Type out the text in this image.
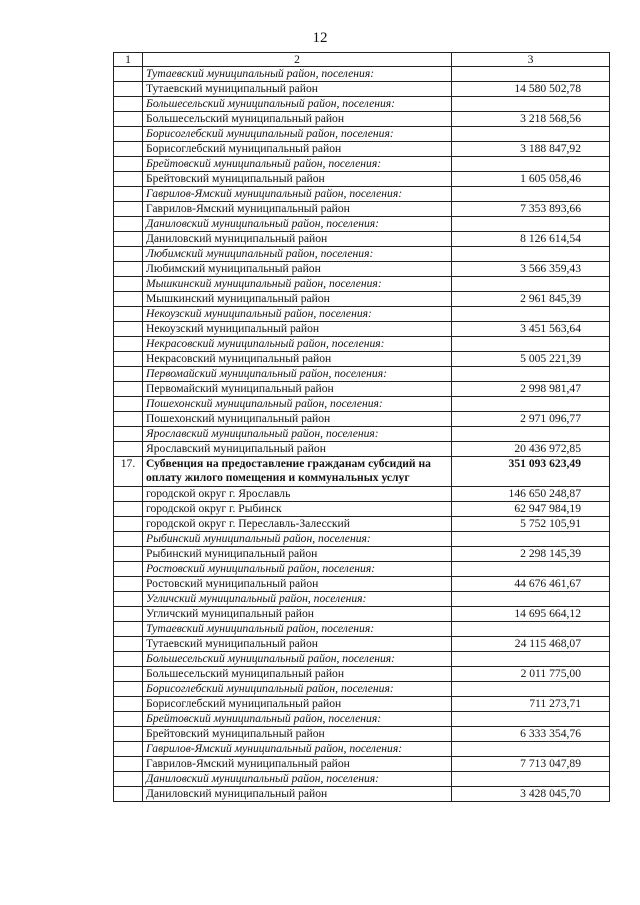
12
1	2	3
	Тутаевский муниципальный район, поселения:	
	Тутаевский муниципальный район	14 580 502,78
	Большесельский муниципальный район, поселения:	
	Большесельский муниципальный район	3 218 568,56
	Борисоглебский муниципальный район, поселения:	
	Борисоглебский муниципальный район	3 188 847,92
	Брейтовский муниципальный район, поселения:	
	Брейтовский муниципальный район	1 605 058,46
	Гаврилов-Ямский муниципальный район, поселения:	
	Гаврилов-Ямский муниципальный район	7 353 893,66
	Даниловский муниципальный район, поселения:	
	Даниловский муниципальный район	8 126 614,54
	Любимский муниципальный район, поселения:	
	Любимский муниципальный район	3 566 359,43
	Мышкинский муниципальный район, поселения:	
	Мышкинский муниципальный район	2 961 845,39
	Некоузский муниципальный район, поселения:	
	Некоузский муниципальный район	3 451 563,64
	Некрасовский муниципальный район, поселения:	
	Некрасовский муниципальный район	5 005 221,39
	Первомайский муниципальный район, поселения:	
	Первомайский муниципальный район	2 998 981,47
	Пошехонский муниципальный район, поселения:	
	Пошехонский муниципальный район	2 971 096,77
	Ярославский муниципальный район, поселения:	
	Ярославский муниципальный район	20 436 972,85
17.	Субвенция на предоставление гражданам субсидий на оплату жилого помещения и коммунальных услуг	351 093 623,49
	городской округ г. Ярославль	146 650 248,87
	городской округ г. Рыбинск	62 947 984,19
	городской округ г. Переславль-Залесский	5 752 105,91
	Рыбинский муниципальный район, поселения:	
	Рыбинский муниципальный район	2 298 145,39
	Ростовский муниципальный район, поселения:	
	Ростовский муниципальный район	44 676 461,67
	Угличский муниципальный район, поселения:	
	Угличский муниципальный район	14 695 664,12
	Тутаевский муниципальный район, поселения:	
	Тутаевский муниципальный район	24 115 468,07
	Большесельский муниципальный район, поселения:	
	Большесельский муниципальный район	2 011 775,00
	Борисоглебский муниципальный район, поселения:	
	Борисоглебский муниципальный район	711 273,71
	Брейтовский муниципальный район, поселения:	
	Брейтовский муниципальный район	6 333 354,76
	Гаврилов-Ямский муниципальный район, поселения:	
	Гаврилов-Ямский муниципальный район	7 713 047,89
	Даниловский муниципальный район, поселения:	
	Даниловский муниципальный район	3 428 045,70
